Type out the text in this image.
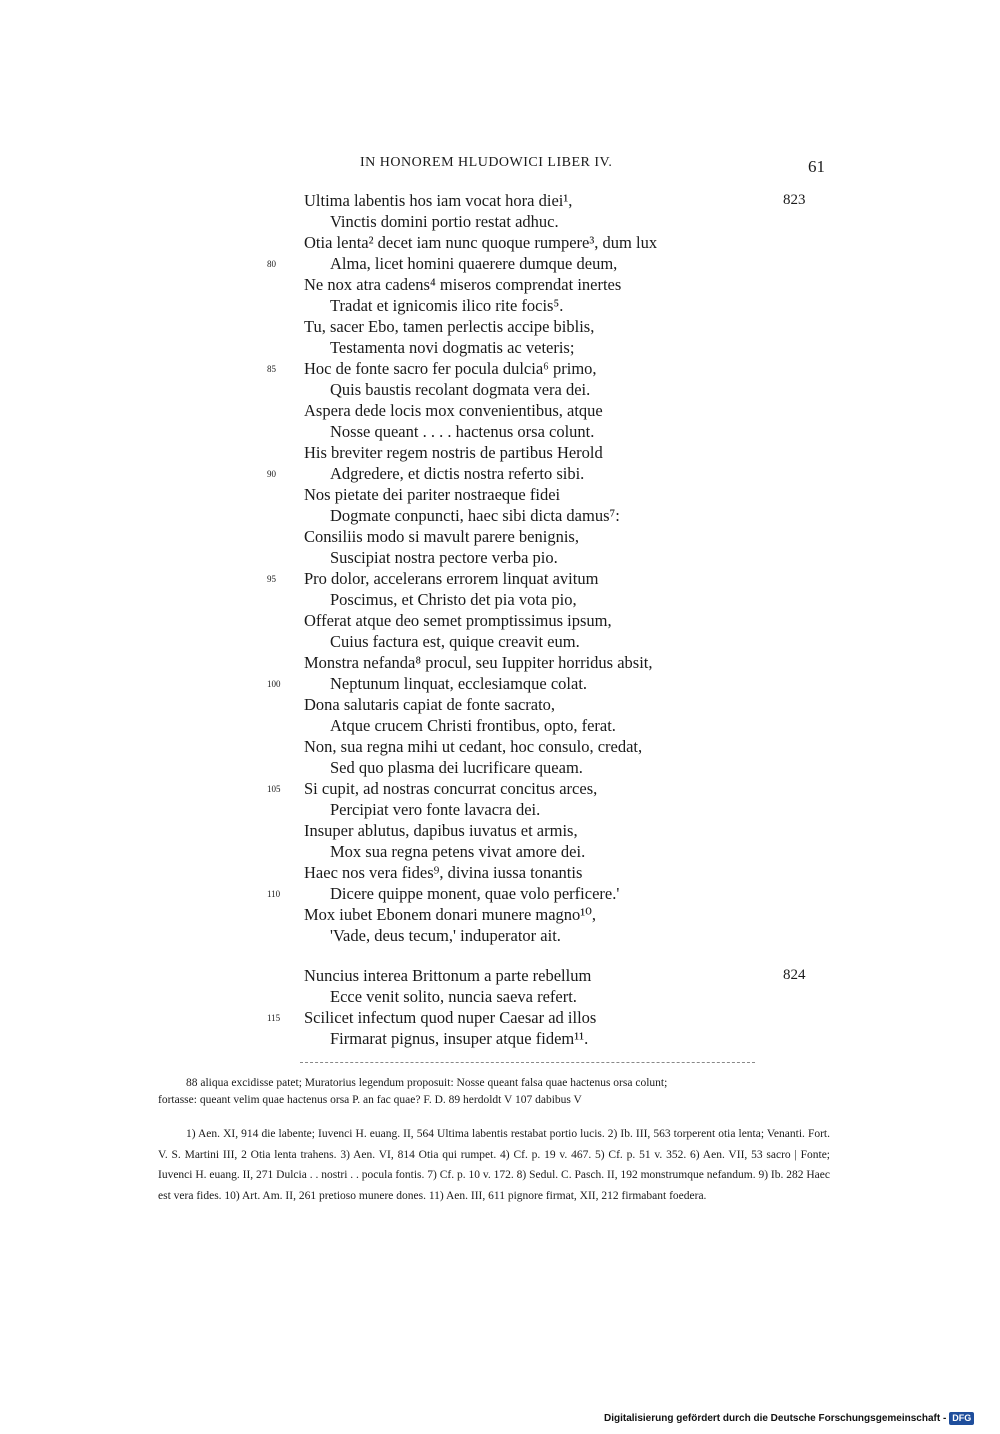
IN HONOREM HLUDOWICI LIBER IV.	61
Ultima labentis hos iam vocat hora diei¹,	823
Vinctis domini portio restat adhuc.
Otia lenta² decet iam nunc quoque rumpere³, dum lux
80	Alma, licet homini quaerere dumque deum,
Ne nox atra cadens⁴ miseros comprendat inertes
Tradat et ignicomis ilico rite focis⁵.
Tu, sacer Ebo, tamen perlectis accipe biblis,
Testamenta novi dogmatis ac veteris;
85 Hoc de fonte sacro fer pocula dulcia⁶ primo,
Quis baustis recolant dogmata vera dei.
Aspera dede locis mox convenientibus, atque
Nosse queant . . . . hactenus orsa colunt.
His breviter regem nostris de partibus Herold
90	Adgredere, et dictis nostra referto sibi.
Nos pietate dei pariter nostraeque fidei
Dogmate conpuncti, haec sibi dicta damus⁷:
Consiliis modo si mavult parere benignis,
Suscipiat nostra pectore verba pio.
95 Pro dolor, accelerans errorem linquat avitum
Poscimus, et Christo det pia vota pio,
Offerat atque deo semet promptissimus ipsum,
Cuius factura est, quique creavit eum.
Monstra nefanda⁸ procul, seu Iuppiter horridus absit,
100	Neptunum linquat, ecclesiamque colat.
Dona salutaris capiat de fonte sacrato,
Atque crucem Christi frontibus, opto, ferat.
Non, sua regna mihi ut cedant, hoc consulo, credat,
Sed quo plasma dei lucrificare queam.
105 Si cupit, ad nostras concurrat concitus arces,
Percipiat vero fonte lavacra dei.
Insuper ablutus, dapibus iuvatus et armis,
Mox sua regna petens vivat amore dei.
Haec nos vera fides⁹, divina iussa tonantis
110	Dicere quippe monent, quae volo perficere.'
Mox iubet Ebonem donari munere magno¹⁰,
'Vade, deus tecum,' induperator ait.
Nuncius interea Brittonum a parte rebellum	824
Ecce venit solito, nuncia saeva refert.
115 Scilicet infectum quod nuper Caesar ad illos
Firmarat pignus, insuper atque fidem¹¹.

88 aliqua excidisse patet; Muratorius legendum proposuit: Nosse queant falsa quae hactenus orsa colunt;

fortasse: queant velim quae hactenus orsa P. an fac quae? F. D. 89 herdoldt V 107 dabibus V

1) Aen. XI, 914 die labente; Iuvenci H. euang. II, 564 Ultima labentis restabat portio lucis. 2) Ib. III, 563 torperent otia lenta; Venanti. Fort. V. S. Martini III, 2 Otia lenta trahens. 3) Aen. VI, 814 Otia qui rumpet. 4) Cf. p. 19 v. 467. 5) Cf. p. 51 v. 352. 6) Aen. VII, 53 sacro | Fonte; Iuvenci H. euang. II, 271 Dulcia . . nostri . . pocula fontis. 7) Cf. p. 10 v. 172. 8) Sedul. C. Pasch. II, 192 monstrumque nefandum. 9) Ib. 282 Haec est vera fides. 10) Art. Am. II, 261 pretioso munere dones. 11) Aen. III, 611 pignore firmat, XII, 212 firmabant foedera.

Digitalisierung gefördert durch die Deutsche Forschungsgemeinschaft - DFG
